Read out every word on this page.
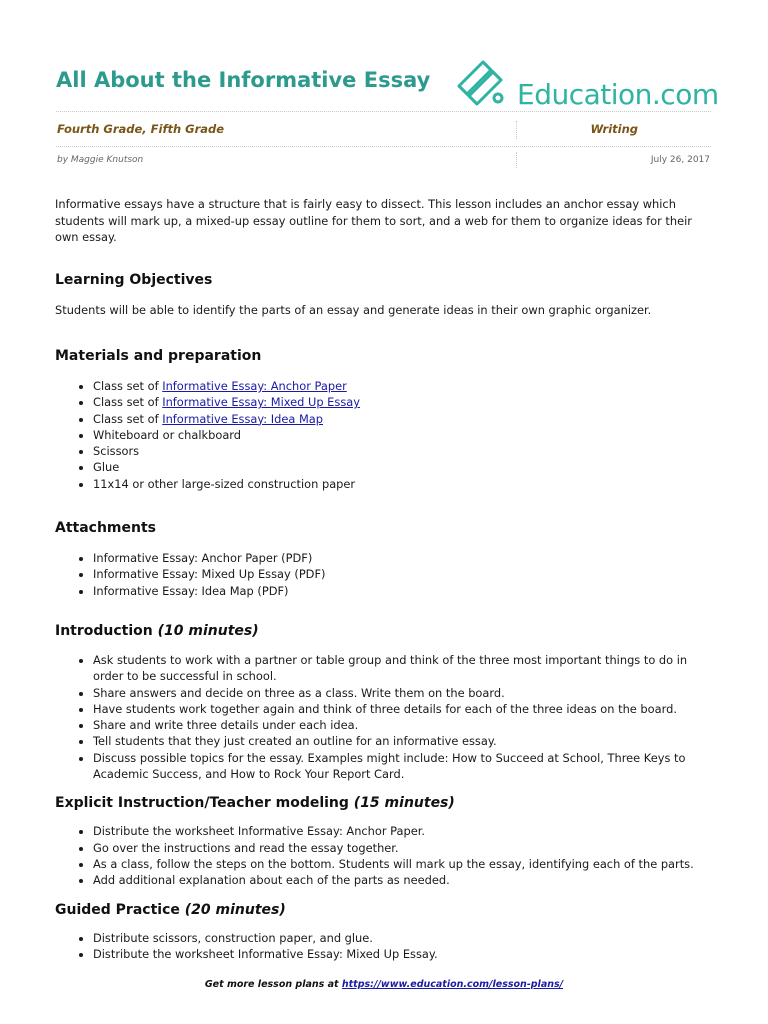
All About the Informative Essay	Education.com
Fourth Grade, Fifth Grade	Writing
by Maggie Knutson	July 26, 2017

Informative essays have a structure that is fairly easy to dissect. This lesson includes an anchor essay which students will mark up, a mixed-up essay outline for them to sort, and a web for them to organize ideas for their own essay.

Learning Objectives

Students will be able to identify the parts of an essay and generate ideas in their own graphic organizer.

Materials and preparation
• Class set of Informative Essay: Anchor Paper
• Class set of Informative Essay: Mixed Up Essay
• Class set of Informative Essay: Idea Map
• Whiteboard or chalkboard
• Scissors
• Glue
• 11x14 or other large-sized construction paper
Attachments
• Informative Essay: Anchor Paper (PDF)
• Informative Essay: Mixed Up Essay (PDF)
• Informative Essay: Idea Map (PDF)
Introduction (10 minutes)
• Ask students to work with a partner or table group and think of the three most important things to do in order to be successful in school.
• Share answers and decide on three as a class. Write them on the board.
• Have students work together again and think of three details for each of the three ideas on the board.
• Share and write three details under each idea.
• Tell students that they just created an outline for an informative essay.
• Discuss possible topics for the essay. Examples might include: How to Succeed at School, Three Keys to Academic Success, and How to Rock Your Report Card.
Explicit Instruction/Teacher modeling (15 minutes)
• Distribute the worksheet Informative Essay: Anchor Paper.
• Go over the instructions and read the essay together.
• As a class, follow the steps on the bottom. Students will mark up the essay, identifying each of the parts.
• Add additional explanation about each of the parts as needed.
Guided Practice (20 minutes)
• Distribute scissors, construction paper, and glue.
• Distribute the worksheet Informative Essay: Mixed Up Essay.
Get more lesson plans at https://www.education.com/lesson-plans/
